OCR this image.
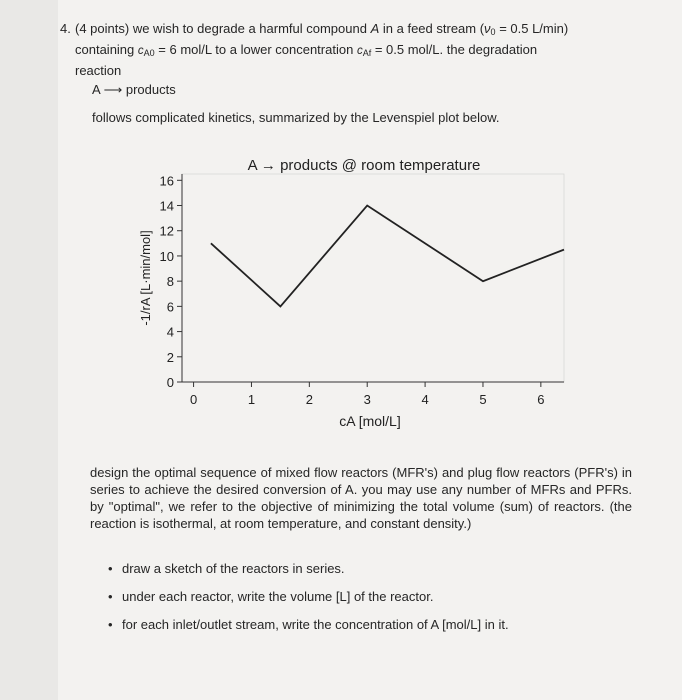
4. (4 points) we wish to degrade a harmful compound A in a feed stream ($\nu_0 = 0.5$ L/min)
containing $c_{A0} = 6$ mol/L to a lower concentration $c_{Af} = 0.5$ mol/L. the degradation
reaction
A ⟶ products
follows complicated kinetics, summarized by the Levenspiel plot below.
A → products @ room temperature
0
2
4
6
8
10
12
14
16
0	1	2	3	4	5	6
cA [mol/L]
-1/rA [L·min/mol]
design the optimal sequence of mixed flow reactors (MFR's) and plug flow reactors (PFR's) in series to achieve the desired conversion of A. you may use any number of MFRs and PFRs. by "optimal", we refer to the objective of minimizing the total volume (sum) of reactors. (the reaction is isothermal, at room temperature, and constant density.)
• draw a sketch of the reactors in series.
• under each reactor, write the volume [L] of the reactor.
• for each inlet/outlet stream, write the concentration of A [mol/L] in it.
